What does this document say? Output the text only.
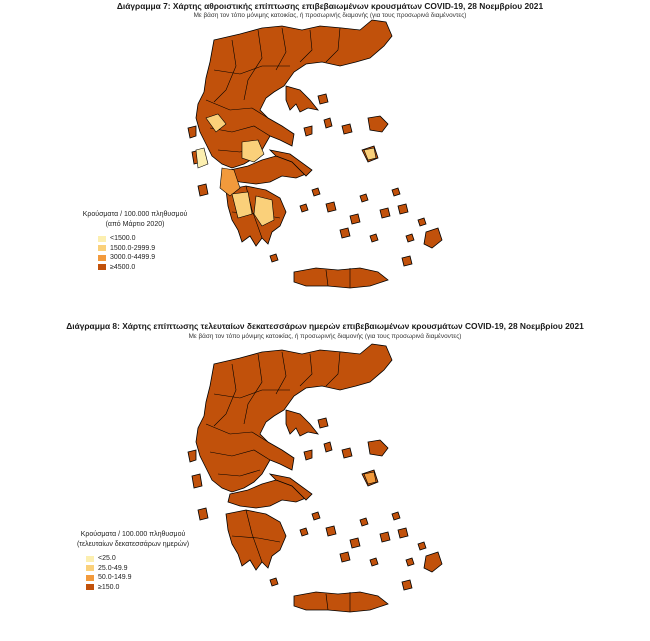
Διάγραμμα 7: Χάρτης αθροιστικής επίπτωσης επιβεβαιωμένων κρουσμάτων COVID-19, 28 Νοεμβρίου 2021
Με βάση τον τόπο μόνιμης κατοικίας, ή προσωρινής διαμονής (για τους προσωρινά διαμένοντες)
Κρούσματα / 100.000 πληθυσμού
(από Μάρτιο 2020)
<1500.0
1500.0-2999.9
3000.0-4499.9
≥4500.0
Διάγραμμα 8: Χάρτης επίπτωσης τελευταίων δεκατεσσάρων ημερών επιβεβαιωμένων κρουσμάτων COVID-19, 28 Νοεμβρίου 2021
Με βάση τον τόπο μόνιμης κατοικίας, ή προσωρινής διαμονής (για τους προσωρινά διαμένοντες)
Κρούσματα / 100.000 πληθυσμού
(τελευταίων δεκατεσσάρων ημερών)
<25.0
25.0-49.9
50.0-149.9
≥150.0
